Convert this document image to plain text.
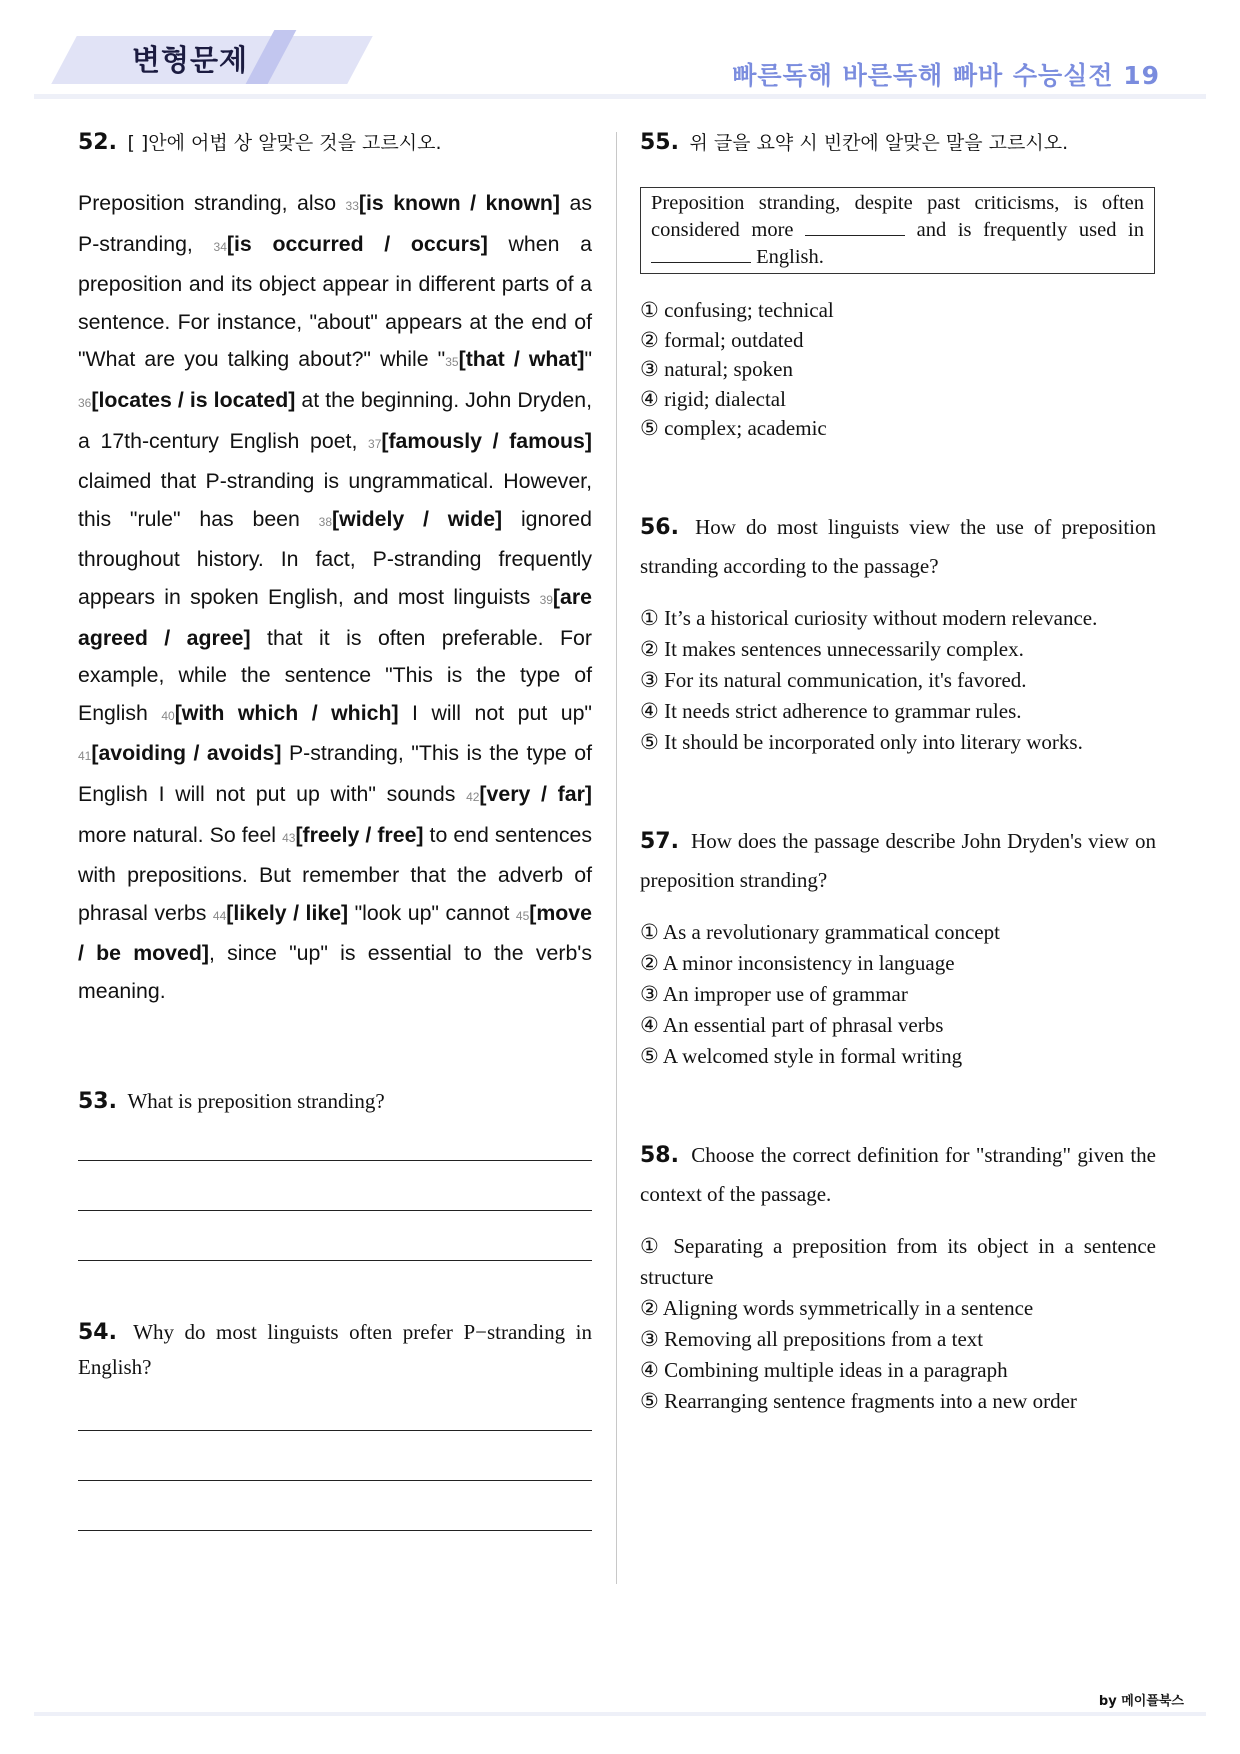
변형문제	빠른독해 바른독해 빠바 수능실전 19
52. [ ]안에 어법 상 알맞은 것을 고르시오.
Preposition stranding, also 33[is known / known] as P-stranding, 34[is occurred / occurs] when a preposition and its object appear in different parts of a sentence. For instance, "about" appears at the end of "What are you talking about?" while "35[that / what]" 36[locates / is located] at the beginning. John Dryden, a 17th-century English poet, 37[famously / famous] claimed that P-stranding is ungrammatical. However, this "rule" has been 38[widely / wide] ignored throughout history. In fact, P-stranding frequently appears in spoken English, and most linguists 39[are agreed / agree] that it is often preferable. For example, while the sentence "This is the type of English 40[with which / which] I will not put up" 41[avoiding / avoids] P-stranding, "This is the type of English I will not put up with" sounds 42[very / far] more natural. So feel 43[freely / free] to end sentences with prepositions. But remember that the adverb of phrasal verbs 44[likely / like] "look up" cannot 45[move / be moved], since "up" is essential to the verb's meaning.
53. What is preposition stranding?
54. Why do most linguists often prefer P−stranding in English?
55. 위 글을 요약 시 빈칸에 알맞은 말을 고르시오.
Preposition stranding, despite past criticisms, is often considered more	and is frequently used in  English.
① confusing; technical
② formal; outdated
③ natural; spoken
④ rigid; dialectal
⑤ complex; academic
56. How do most linguists view the use of preposition stranding according to the passage?
① It’s a historical curiosity without modern relevance.
② It makes sentences unnecessarily complex.
③ For its natural communication, it's favored.
④ It needs strict adherence to grammar rules.
⑤ It should be incorporated only into literary works.
57. How does the passage describe John Dryden's view on preposition stranding?
① As a revolutionary grammatical concept
② A minor inconsistency in language
③ An improper use of grammar
④ An essential part of phrasal verbs
⑤ A welcomed style in formal writing
58. Choose the correct definition for "stranding" given the context of the passage.
① Separating a preposition from its object in a sentence structure
② Aligning words symmetrically in a sentence
③ Removing all prepositions from a text
④ Combining multiple ideas in a paragraph
⑤ Rearranging sentence fragments into a new order
by 메이플북스
